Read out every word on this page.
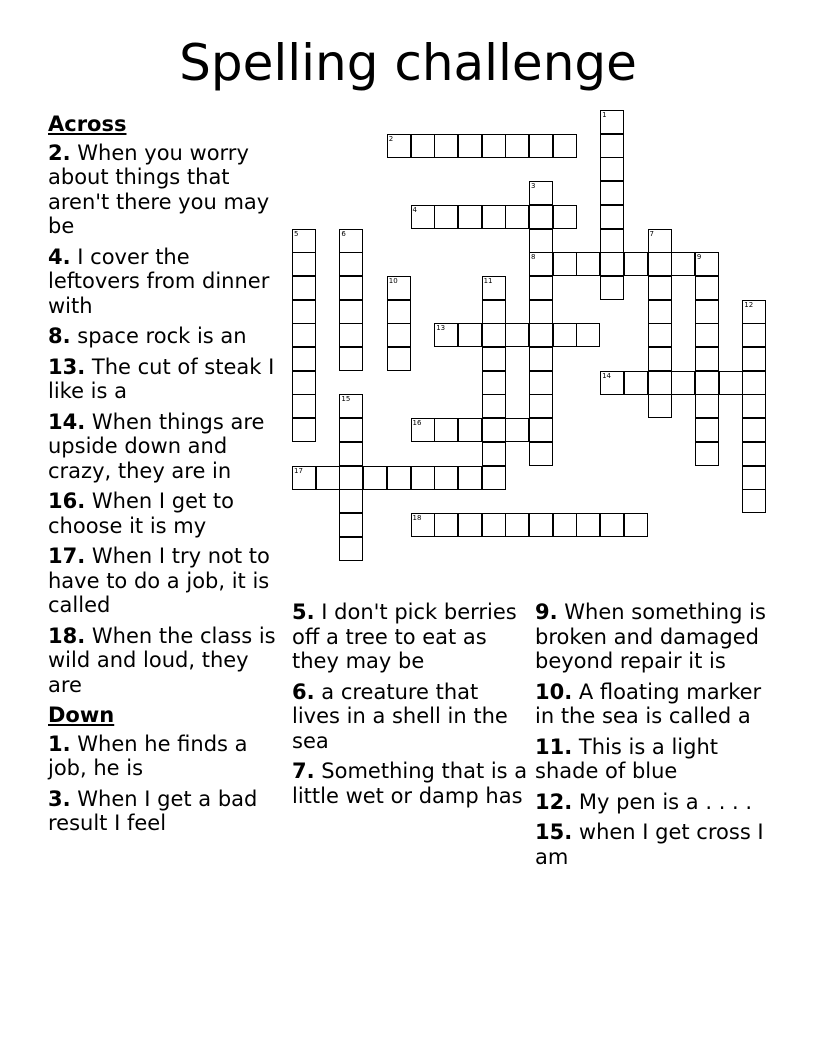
Spelling challenge
Across
2. When you worry about things that aren't there you may be
4. I cover the leftovers from dinner with
8. space rock is an
13. The cut of steak I like is a
14. When things are upside down and crazy, they are in
16. When I get to choose it is my
17. When I try not to have to do a job, it is called
18. When the class is wild and loud, they are
Down
1. When he finds a job, he is
3. When I get a bad result I feel
5. I don't pick berries off a tree to eat as they may be
6. a creature that lives in a shell in the sea
7. Something that is a little wet or damp has
9. When something is broken and damaged beyond repair it is
10. A floating marker in the sea is called a
11. This is a light shade of blue
12. My pen is a . . . .
15. when I get cross I am
1
2
3
8
4
5	6	7
9
10	11
12
13
14
15
16
17
18
